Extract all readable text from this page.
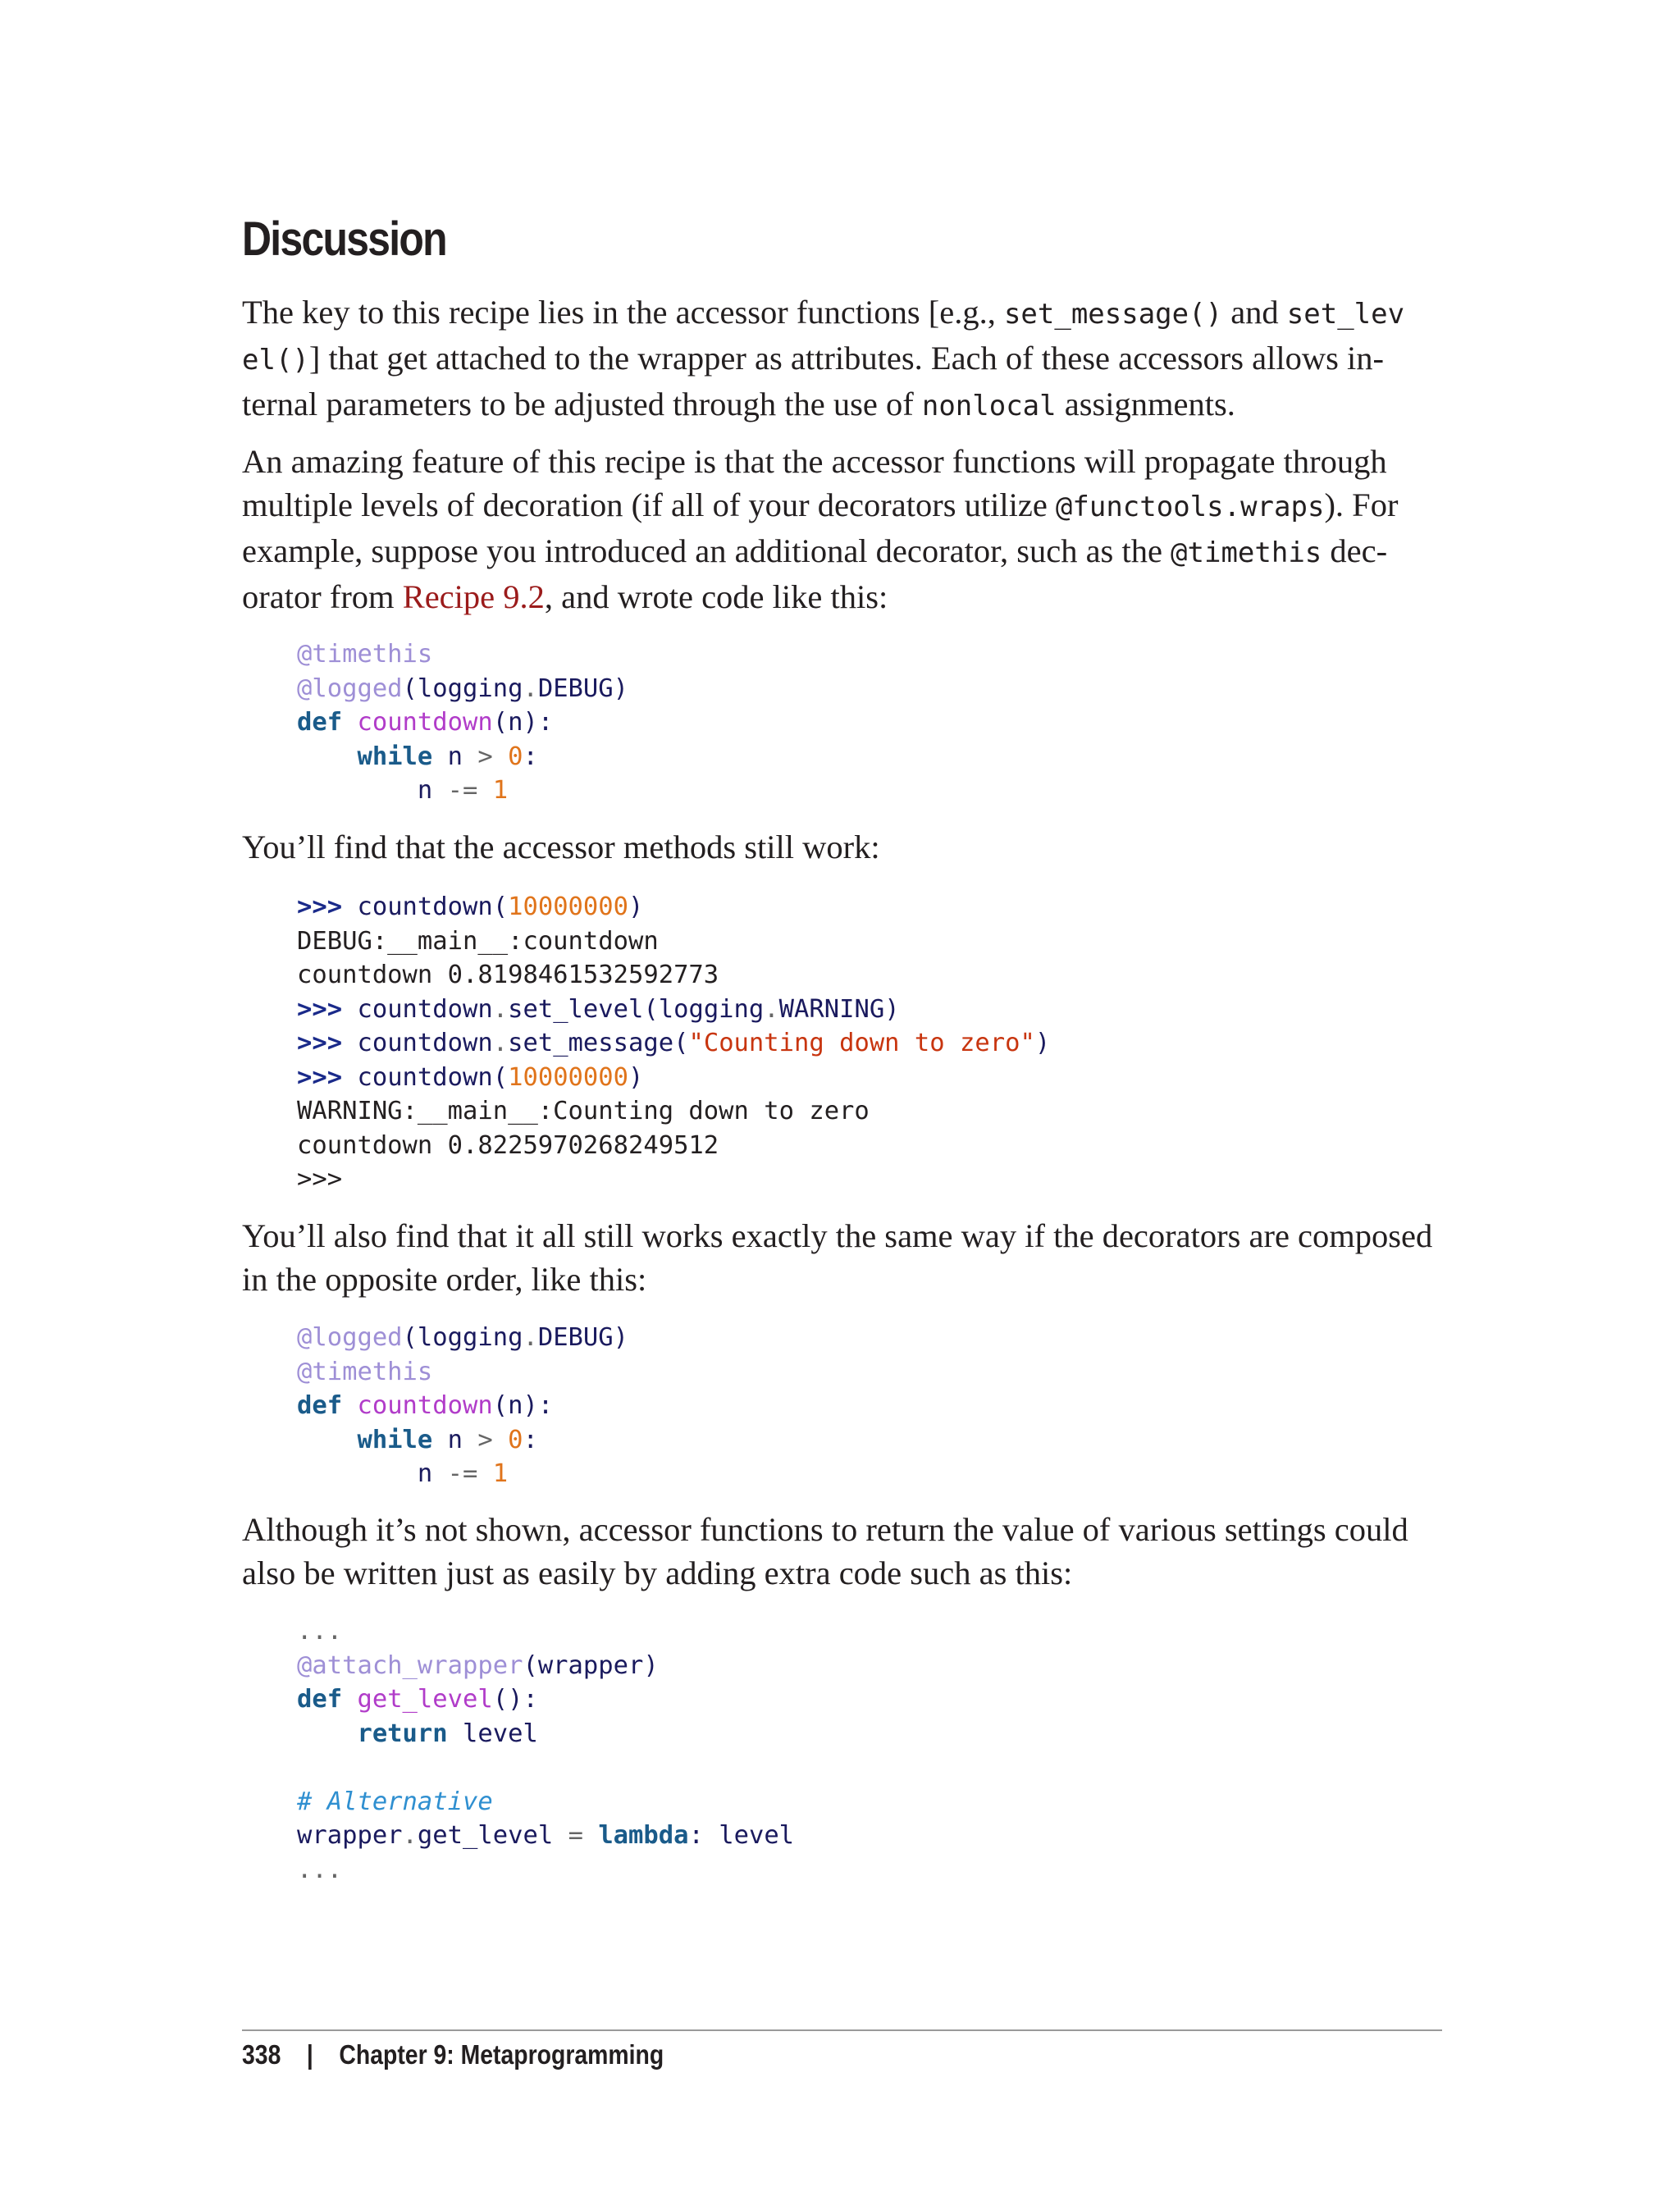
Discussion
The key to this recipe lies in the accessor functions [e.g., set_message() and set_lev
el()] that get attached to the wrapper as attributes. Each of these accessors allows in-
ternal parameters to be adjusted through the use of nonlocal assignments.
An amazing feature of this recipe is that the accessor functions will propagate through
multiple levels of decoration (if all of your decorators utilize @functools.wraps). For
example, suppose you introduced an additional decorator, such as the @timethis dec-
orator from Recipe 9.2, and wrote code like this:
@timethis
@logged(logging.DEBUG)
def countdown(n):
while n > 0:
n -= 1
You’ll find that the accessor methods still work:
>>> countdown(10000000)
DEBUG:__main__:countdown
countdown 0.8198461532592773
>>> countdown.set_level(logging.WARNING)
>>> countdown.set_message("Counting down to zero")
>>> countdown(10000000)
WARNING:__main__:Counting down to zero
countdown 0.8225970268249512
>>>
You’ll also find that it all still works exactly the same way if the decorators are composed
in the opposite order, like this:
@logged(logging.DEBUG)
@timethis
def countdown(n):
while n > 0:
n -= 1
Although it’s not shown, accessor functions to return the value of various settings could
also be written just as easily by adding extra code such as this:
...
@attach_wrapper(wrapper)
def get_level():
return level

# Alternative
wrapper.get_level = lambda: level
...
338 | Chapter 9: Metaprogramming
